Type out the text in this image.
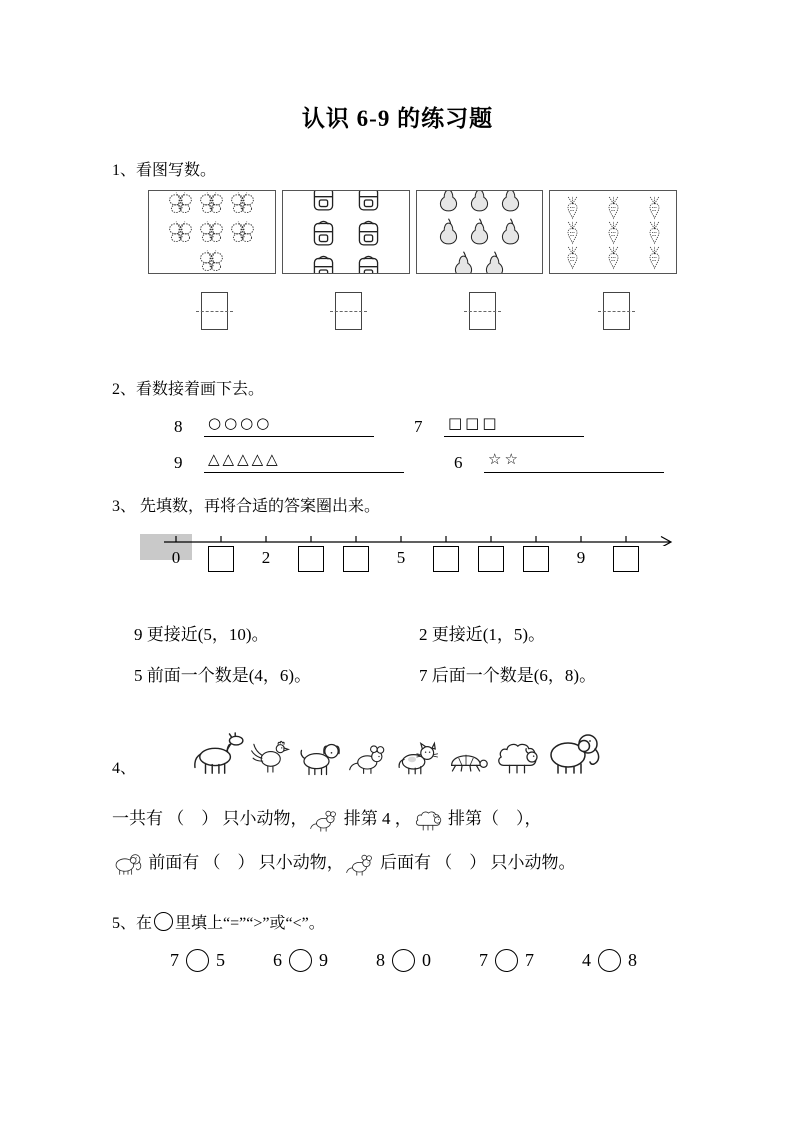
认识 6-9 的练习题

1、看图写数。

2、看数接着画下去。

8	○○○○	7	□□□
9	△△△△△	6	☆☆

3、 先填数，再将合适的答案圈出来。

0	2	5	9
9 更接近(5，10)。	2 更接近(1，5)。
5 前面一个数是(4，6)。	7 后面一个数是(6，8)。
4、

一共有 （　） 只小动物， 排第 4 ， 排第（　），

前面有 （　） 只小动物， 后面有 （　） 只小动物。

5、在 里填上“=”“>”或“<”。
7 5	6 9	8 0	7 7	4 8
